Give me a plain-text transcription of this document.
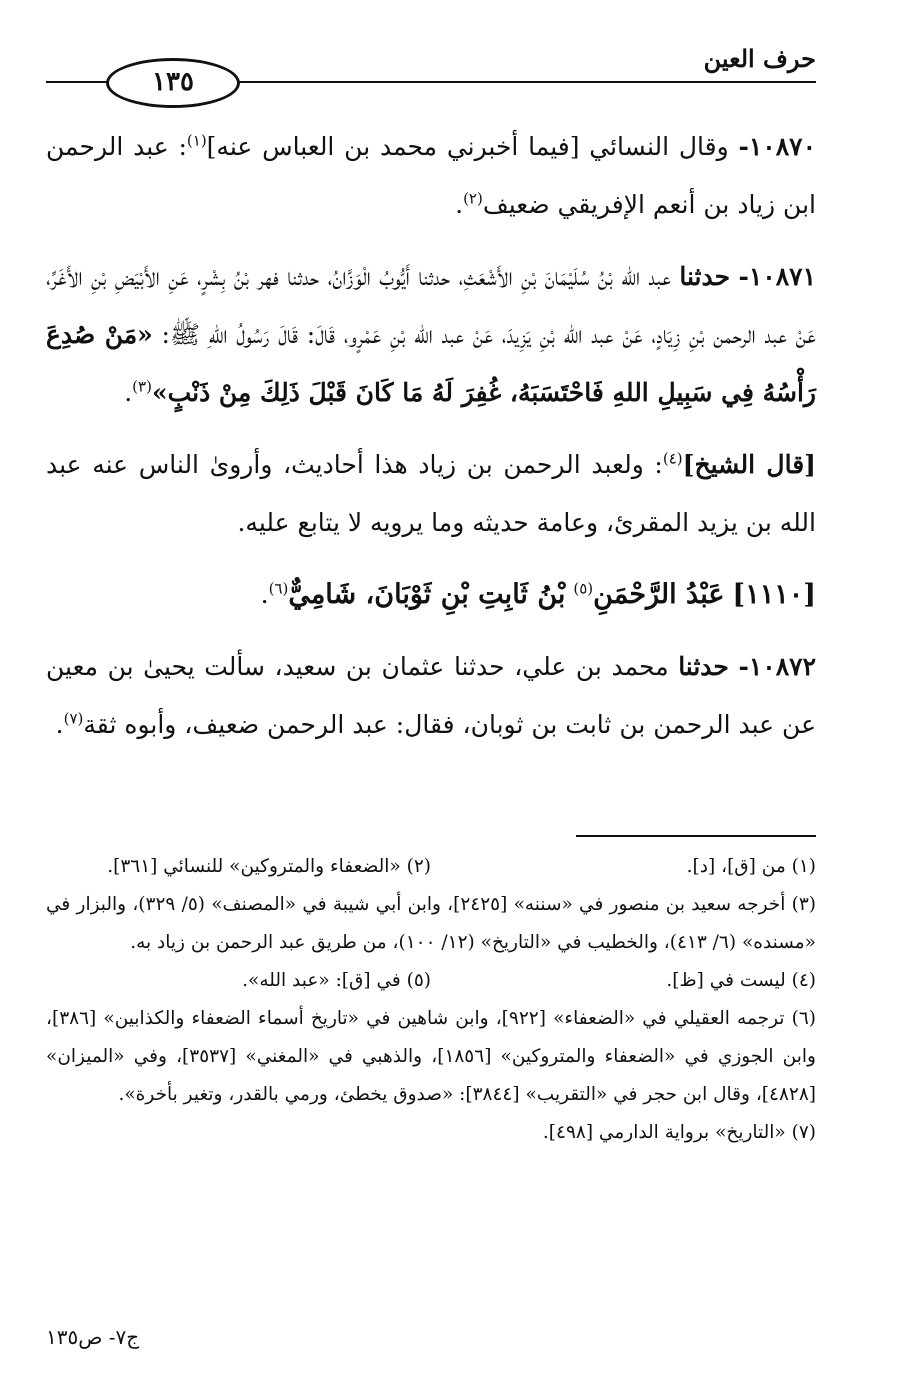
حرف العين
١٣٥

١٠٨٧٠- وقال النسائي [فيما أخبرني محمد بن العباس عنه]$^{(١)}$: عبد الرحمن ابن زياد بن أنعم الإفريقي ضعيف$^{(٢)}$.

١٠٨٧١- حدثنا عبد الله بْنُ سُلَيْمَانَ بْنِ الأَشْعَثِ، حدثنا أَيُّوبُ الْوَزَّانُ، حدثنا فهر بْنُ بِشْرٍ، عَنِ الأَبْيَضِ بْنِ الأَغَرِّ، عَنْ عبد الرحمن بْنِ زِيَادٍ، عَنْ عبد الله بْنِ يَزِيدَ، عَنْ عبد الله بْنِ عَمْرٍو، قَالَ: قَالَ رَسُولُ اللهِ ﷺ: «مَنْ صُدِعَ رَأْسُهُ فِي سَبِيلِ اللهِ فَاحْتَسَبَهُ، غُفِرَ لَهُ مَا كَانَ قَبْلَ ذَلِكَ مِنْ ذَنْبٍ»$^{(٣)}$.

[قال الشيخ]$^{(٤)}$: ولعبد الرحمن بن زياد هذا أحاديث، وأروىٰ الناس عنه عبد الله بن يزيد المقرئ، وعامة حديثه وما يرويه لا يتابع عليه.

[١١١٠] عَبْدُ الرَّحْمَنِ$^{(٥)}$ بْنُ ثَابِتِ بْنِ ثَوْبَانَ، شَامِيٌّ$^{(٦)}$.

١٠٨٧٢- حدثنا محمد بن علي، حدثنا عثمان بن سعيد، سألت يحيىٰ بن معين عن عبد الرحمن بن ثابت بن ثوبان، فقال: عبد الرحمن ضعيف، وأبوه ثقة$^{(٧)}$.

(١) من [ق]، [د].
(٢) «الضعفاء والمتروكين» للنسائي [٣٦١].
(٣) أخرجه سعيد بن منصور في «سننه» [٢٤٢٥]، وابن أبي شيبة في «المصنف» (٥/ ٣٢٩)، والبزار في «مسنده» (٦/ ٤١٣)، والخطيب في «التاريخ» (١٢/ ١٠٠)، من طريق عبد الرحمن بن زياد به.
(٤) ليست في [ظ].
(٥) في [ق]: «عبد الله».
(٦) ترجمه العقيلي في «الضعفاء» [٩٢٢]، وابن شاهين في «تاريخ أسماء الضعفاء والكذابين» [٣٨٦]، وابن الجوزي في «الضعفاء والمتروكين» [١٨٥٦]، والذهبي في «المغني» [٣٥٣٧]، وفي «الميزان» [٤٨٢٨]، وقال ابن حجر في «التقريب» [٣٨٤٤]: «صدوق يخطئ، ورمي بالقدر، وتغير بأخرة».
(٧) «التاريخ» برواية الدارمي [٤٩٨].
ج٧- ص١٣٥
